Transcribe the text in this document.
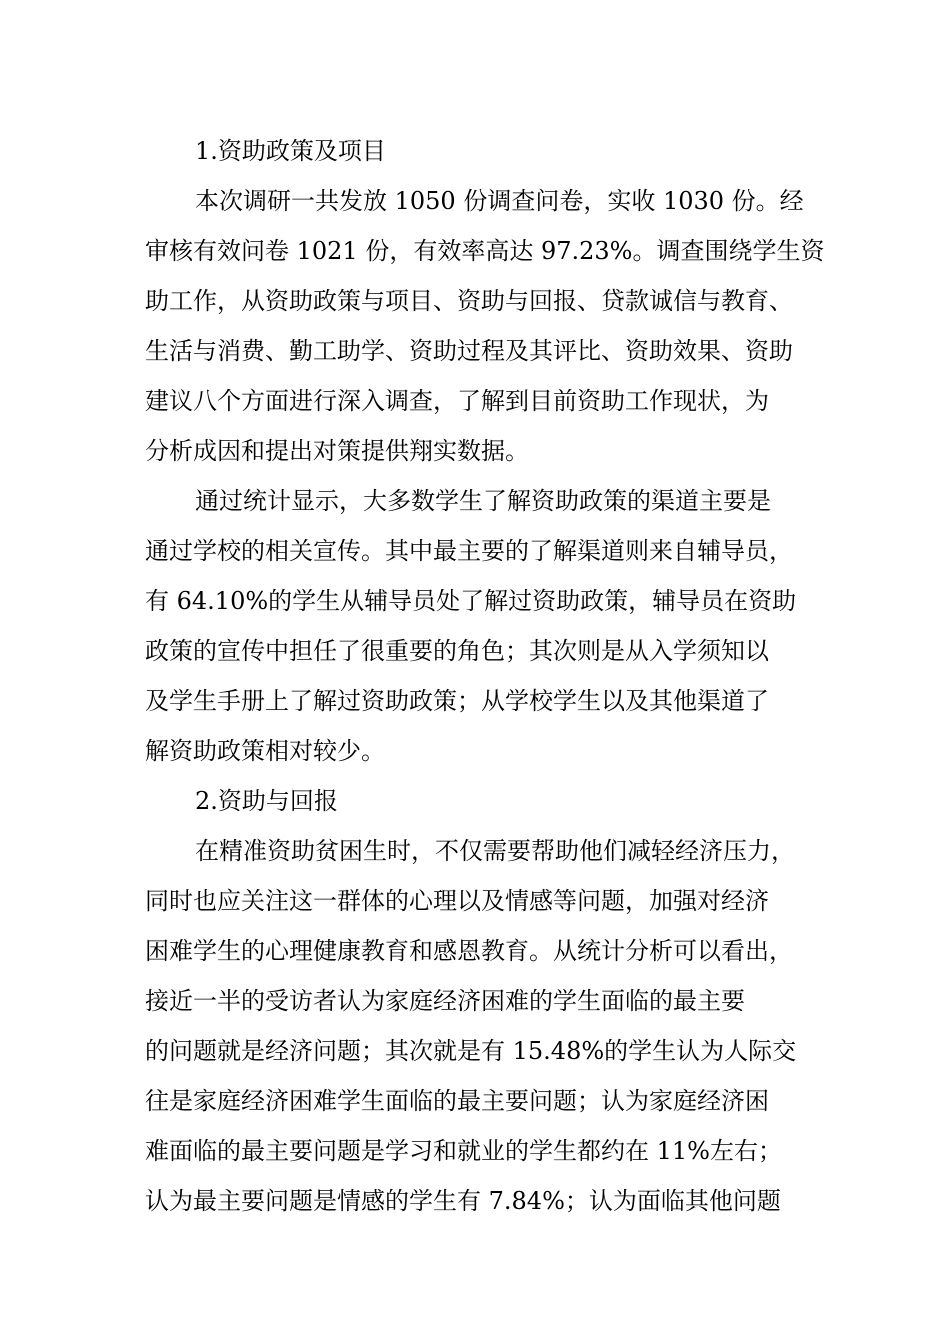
1.资助政策及项目
本次调研一共发放 1050 份调查问卷，实收 1030 份。经
审核有效问卷 1021 份，有效率高达 97.23%。调查围绕学生资
助工作，从资助政策与项目、资助与回报、贷款诚信与教育、
生活与消费、勤工助学、资助过程及其评比、资助效果、资助
建议八个方面进行深入调查，了解到目前资助工作现状，为
分析成因和提出对策提供翔实数据。
通过统计显示，大多数学生了解资助政策的渠道主要是
通过学校的相关宣传。其中最主要的了解渠道则来自辅导员，
有 64.10%的学生从辅导员处了解过资助政策，辅导员在资助
政策的宣传中担任了很重要的角色；其次则是从入学须知以
及学生手册上了解过资助政策；从学校学生以及其他渠道了
解资助政策相对较少。
2.资助与回报
在精准资助贫困生时，不仅需要帮助他们减轻经济压力，
同时也应关注这一群体的心理以及情感等问题，加强对经济
困难学生的心理健康教育和感恩教育。从统计分析可以看出，
接近一半的受访者认为家庭经济困难的学生面临的最主要
的问题就是经济问题；其次就是有 15.48%的学生认为人际交
往是家庭经济困难学生面临的最主要问题；认为家庭经济困
难面临的最主要问题是学习和就业的学生都约在 11%左右；
认为最主要问题是情感的学生有 7.84%；认为面临其他问题
